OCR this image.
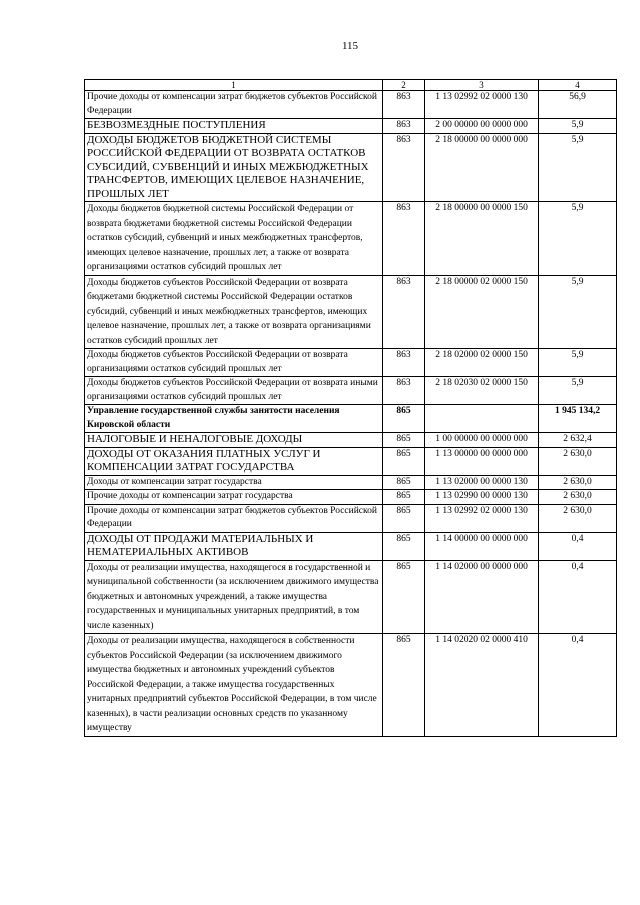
115
1	2	3	4
Прочие доходы от компенсации затрат бюджетов субъектов Российской Федерации	863	1 13 02992 02 0000 130	56,9
БЕЗВОЗМЕЗДНЫЕ ПОСТУПЛЕНИЯ	863	2 00 00000 00 0000 000	5,9
ДОХОДЫ БЮДЖЕТОВ БЮДЖЕТНОЙ СИСТЕМЫ РОССИЙСКОЙ ФЕДЕРАЦИИ ОТ ВОЗВРАТА ОСТАТКОВ СУБСИДИЙ, СУБВЕНЦИЙ И ИНЫХ МЕЖБЮДЖЕТНЫХ ТРАНСФЕРТОВ, ИМЕЮЩИХ ЦЕЛЕВОЕ НАЗНАЧЕНИЕ, ПРОШЛЫХ ЛЕТ	863	2 18 00000 00 0000 000	5,9
Доходы бюджетов бюджетной системы Российской Федерации от возврата бюджетами бюджетной системы Российской Федерации остатков субсидий, субвенций и иных межбюджетных трансфертов, имеющих целевое назначение, прошлых лет, а также от возврата организациями остатков субсидий прошлых лет	863	2 18 00000 00 0000 150	5,9
Доходы бюджетов субъектов Российской Федерации от возврата бюджетами бюджетной системы Российской Федерации остатков субсидий, субвенций и иных межбюджетных трансфертов, имеющих целевое назначение, прошлых лет, а также от возврата организациями остатков субсидий прошлых лет	863	2 18 00000 02 0000 150	5,9
Доходы бюджетов субъектов Российской Федерации от возврата организациями остатков субсидий прошлых лет	863	2 18 02000 02 0000 150	5,9
Доходы бюджетов субъектов Российской Федерации от возврата иными организациями остатков субсидий прошлых лет	863	2 18 02030 02 0000 150	5,9
Управление государственной службы занятости населения Кировской области	865		1 945 134,2
НАЛОГОВЫЕ И НЕНАЛОГОВЫЕ ДОХОДЫ	865	1 00 00000 00 0000 000	2 632,4
ДОХОДЫ ОТ ОКАЗАНИЯ ПЛАТНЫХ УСЛУГ И КОМПЕНСАЦИИ ЗАТРАТ ГОСУДАРСТВА	865	1 13 00000 00 0000 000	2 630,0
Доходы от компенсации затрат государства	865	1 13 02000 00 0000 130	2 630,0
Прочие доходы от компенсации затрат государства	865	1 13 02990 00 0000 130	2 630,0
Прочие доходы от компенсации затрат бюджетов субъектов Российской Федерации	865	1 13 02992 02 0000 130	2 630,0
ДОХОДЫ ОТ ПРОДАЖИ МАТЕРИАЛЬНЫХ И НЕМАТЕРИАЛЬНЫХ АКТИВОВ	865	1 14 00000 00 0000 000	0,4
Доходы от реализации имущества, находящегося в государственной и муниципальной собственности (за исключением движимого имущества бюджетных и автономных учреждений, а также имущества государственных и муниципальных унитарных предприятий, в том числе казенных)	865	1 14 02000 00 0000 000	0,4
Доходы от реализации имущества, находящегося в собственности субъектов Российской Федерации (за исключением движимого имущества бюджетных и автономных учреждений субъектов Российской Федерации, а также имущества государственных унитарных предприятий субъектов Российской Федерации, в том числе казенных), в части реализации основных средств по указанному имуществу	865	1 14 02020 02 0000 410	0,4
